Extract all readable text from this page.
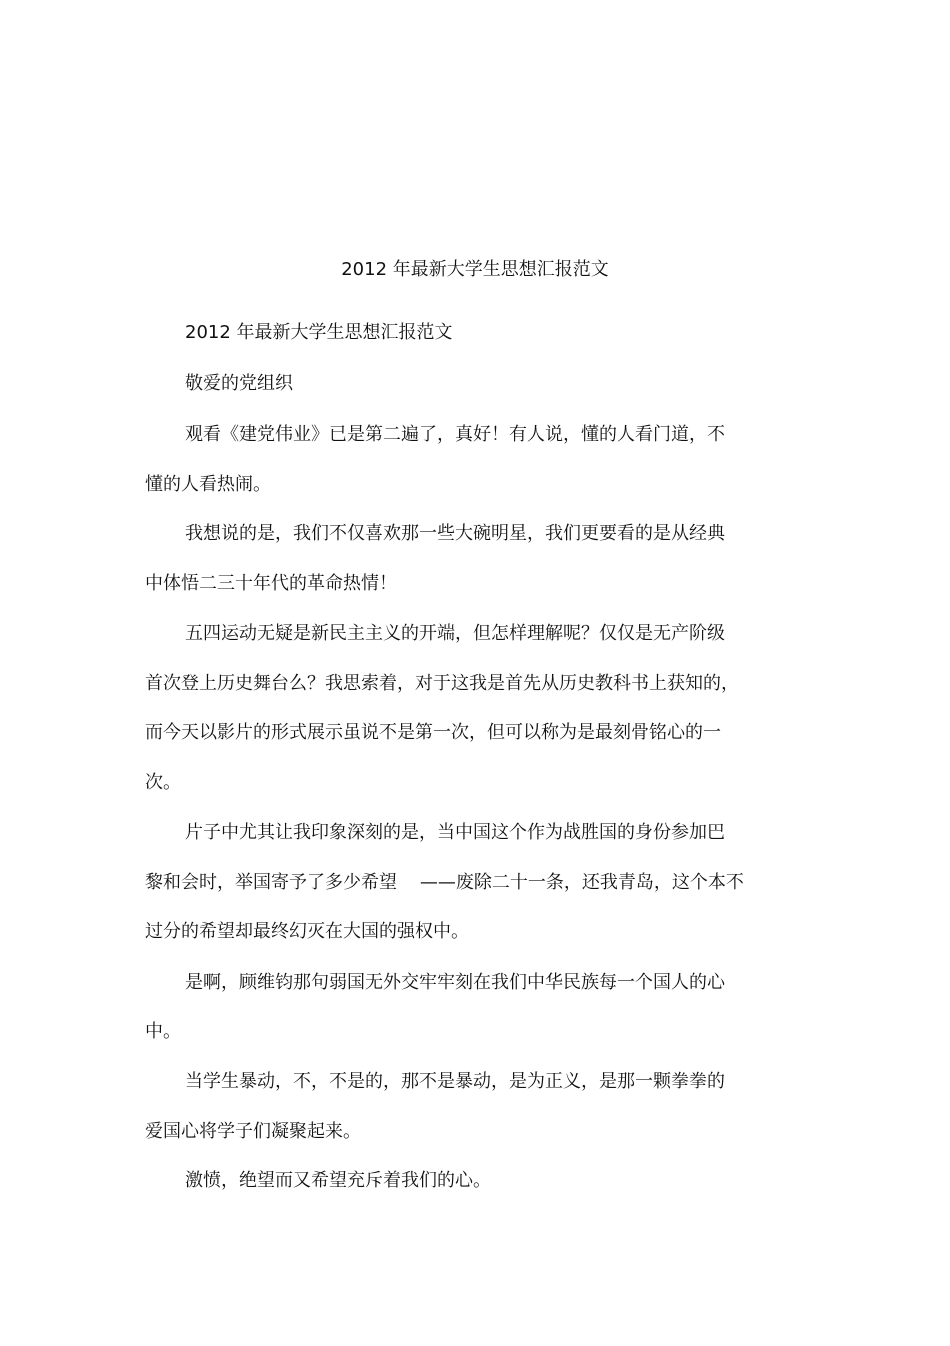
2012 年最新大学生思想汇报范文
2012 年最新大学生思想汇报范文
敬爱的党组织
观看《建党伟业》已是第二遍了，真好！有人说，懂的人看门道，不
懂的人看热闹。
我想说的是，我们不仅喜欢那一些大碗明星，我们更要看的是从经典
中体悟二三十年代的革命热情！
五四运动无疑是新民主主义的开端，但怎样理解呢？仅仅是无产阶级
首次登上历史舞台么？我思索着，对于这我是首先从历史教科书上获知的，
而今天以影片的形式展示虽说不是第一次，但可以称为是最刻骨铭心的一
次。
片子中尤其让我印象深刻的是，当中国这个作为战胜国的身份参加巴
黎和会时，举国寄予了多少希望    ——废除二十一条，还我青岛，这个本不
过分的希望却最终幻灭在大国的强权中。
是啊，顾维钧那句弱国无外交牢牢刻在我们中华民族每一个国人的心
中。
当学生暴动，不，不是的，那不是暴动，是为正义，是那一颗拳拳的
爱国心将学子们凝聚起来。
激愤，绝望而又希望充斥着我们的心。
